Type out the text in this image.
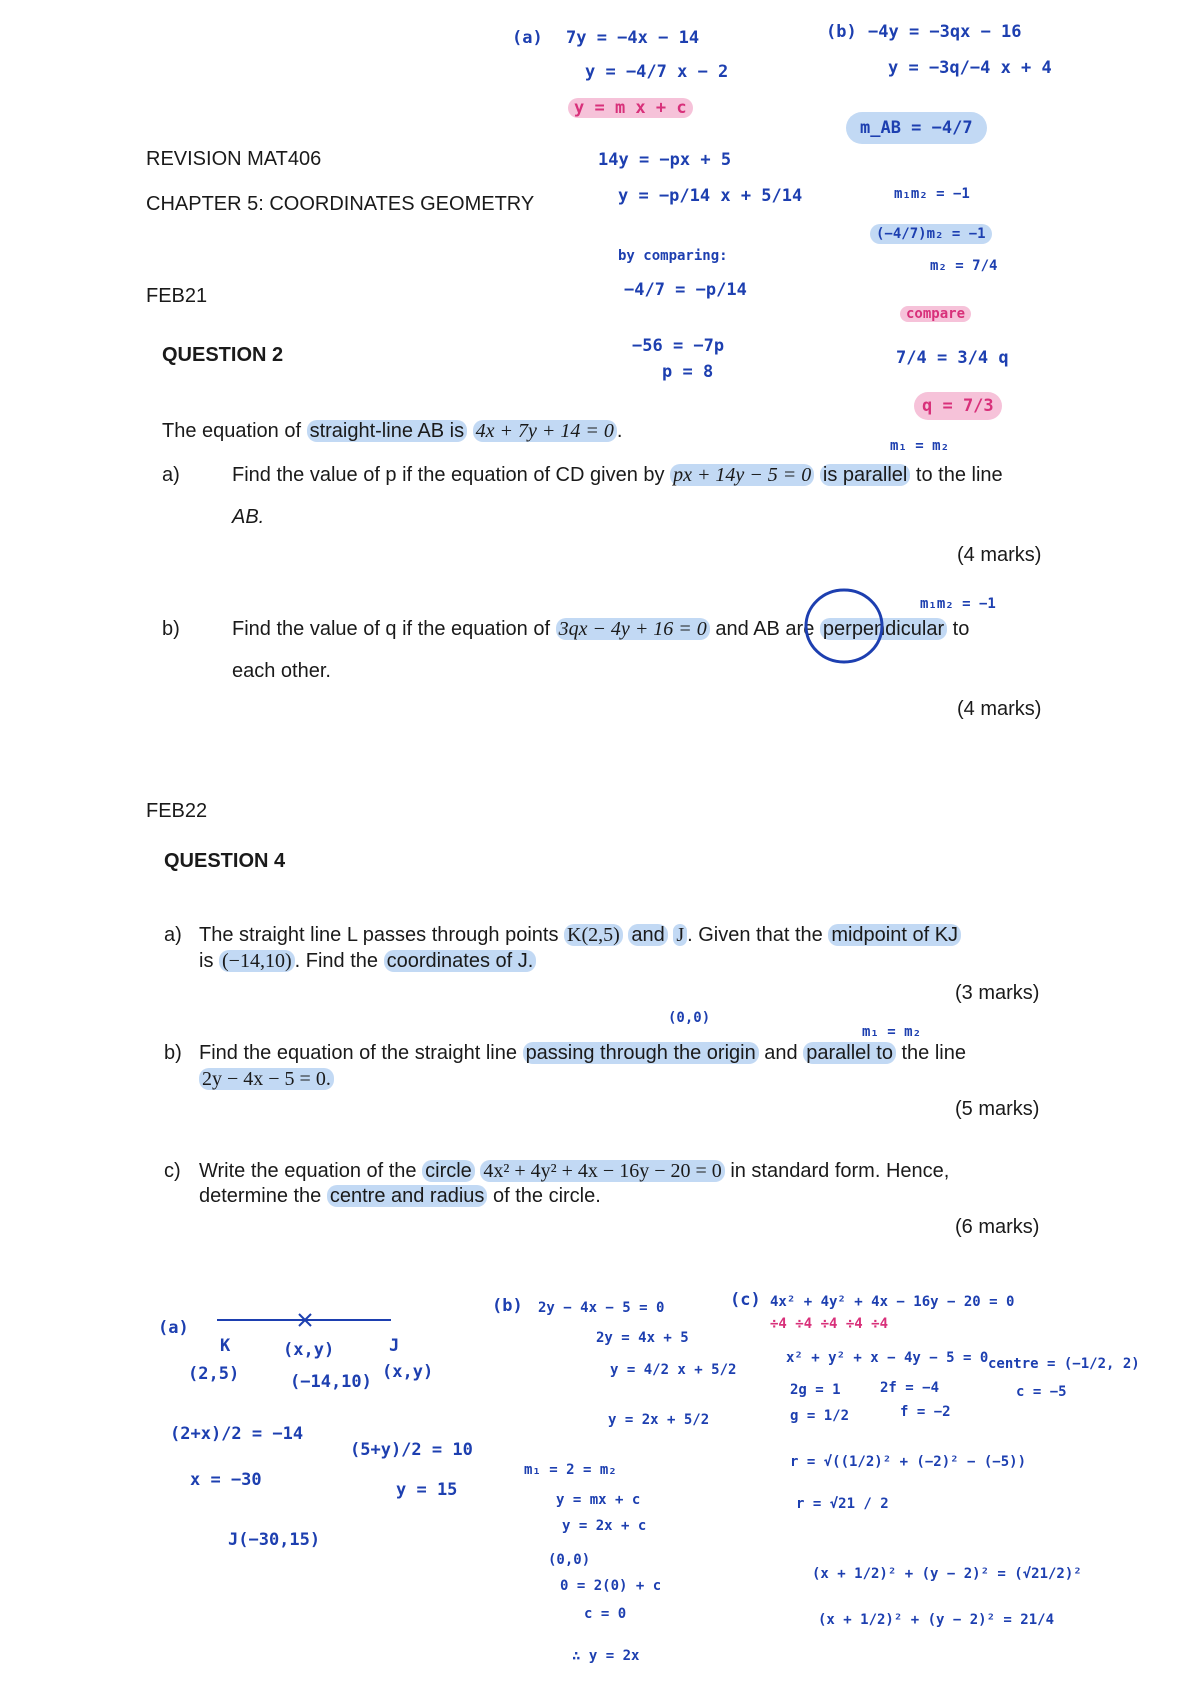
REVISION MAT406
CHAPTER 5: COORDINATES GEOMETRY
FEB21
QUESTION 2
The equation of straight-line AB is 4x + 7y + 14 = 0 .
a)	Find the value of p if the equation of CD given by px + 14y − 5 = 0 is parallel to the line
AB.
(4 marks)
b)	Find the value of q if the equation of 3qx − 4y + 16 = 0 and AB are perpendicular to
each other.
(4 marks)
FEB22
QUESTION 4
a) The straight line L passes through points K(2,5) and J . Given that the midpoint of KJ
is (−14,10) . Find the coordinates of J.
(3 marks)
b) Find the equation of the straight line passing through the origin and parallel to the line
2y − 4x − 5 = 0.
(5 marks)
c) Write the equation of the circle 4x² + 4y² + 4x − 16y − 20 = 0 in standard form. Hence,
determine the centre and radius of the circle.
(6 marks)
(a) 7y = −4x − 14
y = −4/7 x − 2
y = m x + c
14y = −px + 5
y = −p/14 x + 5/14
by comparing:
−4/7 = −p/14
−56 = −7p
p = 8
m₁ = m₂
(b) −4y = −3qx − 16
y = −3q/−4 x + 4
m_AB = −4/7
m₁m₂ = −1
(−4/7)m₂ = −1
m₂ = 7/4
compare
7/4 = 3/4 q
q = 7/3
m₁m₂ = −1
(a)
K
(2,5)
(x,y)
(−14,10)
J
(x,y)
(2+x)/2 = −14
x = −30
(5+y)/2 = 10
y = 15
J(−30,15)
(0,0)
m₁ = m₂
(b) 2y − 4x − 5 = 0
2y = 4x + 5
y = 4/2 x + 5/2
y = 2x + 5/2
m₁ = 2 = m₂
y = mx + c
y = 2x + c
(0,0)
0 = 2(0) + c
c = 0
∴ y = 2x
(c) 4x² + 4y² + 4x − 16y − 20 = 0
÷4 ÷4 ÷4 ÷4 ÷4
x² + y² + x − 4y − 5 = 0
2g = 1	2f = −4
g = 1/2	f = −2
centre = (−1/2, 2)
c = −5
r = √((1/2)² + (−2)² − (−5))
r = √21 / 2
(x + 1/2)² + (y − 2)² = (√21/2)²
(x + 1/2)² + (y − 2)² = 21/4
